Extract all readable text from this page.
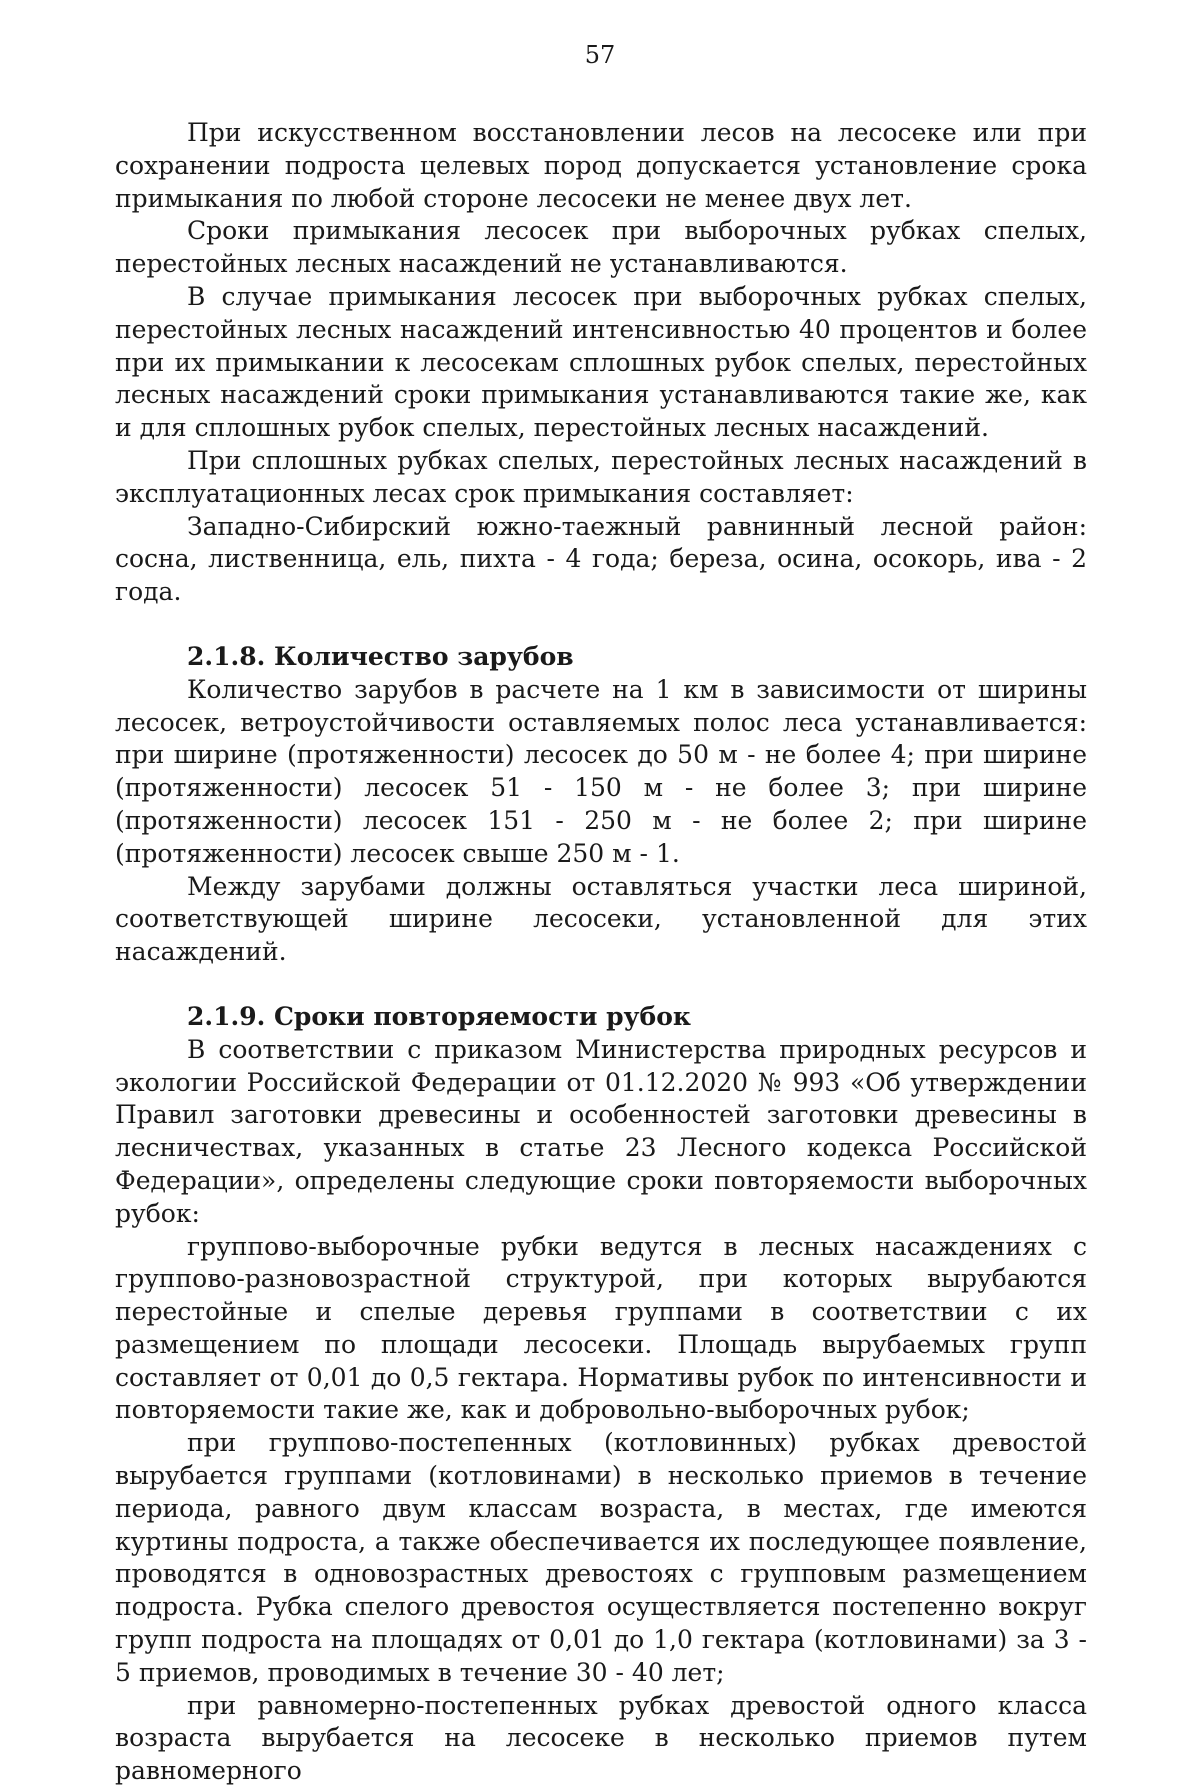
57

При искусственном восстановлении лесов на лесосеке или при сохранении подроста целевых пород допускается установление срока примыкания по любой стороне лесосеки не менее двух лет.

Сроки примыкания лесосек при выборочных рубках спелых, перестойных лесных насаждений не устанавливаются.

В случае примыкания лесосек при выборочных рубках спелых, перестойных лесных насаждений интенсивностью 40 процентов и более при их примыкании к лесосекам сплошных рубок спелых, перестойных лесных насаждений сроки примыкания устанавливаются такие же, как и для сплошных рубок спелых, перестойных лесных насаждений.

При сплошных рубках спелых, перестойных лесных насаждений в эксплуатационных лесах срок примыкания составляет:

Западно-Сибирский южно-таежный равнинный лесной район: сосна, лиственница, ель, пихта - 4 года; береза, осина, осокорь, ива - 2 года.

2.1.8. Количество зарубов

Количество зарубов в расчете на 1 км в зависимости от ширины лесосек, ветроустойчивости оставляемых полос леса устанавливается: при ширине (протяженности) лесосек до 50 м - не более 4; при ширине (протяженности) лесосек 51 - 150 м - не более 3; при ширине (протяженности) лесосек 151 - 250 м - не более 2; при ширине (протяженности) лесосек свыше 250 м - 1.

Между зарубами должны оставляться участки леса шириной, соответствующей ширине лесосеки, установленной для этих насаждений.

2.1.9. Сроки повторяемости рубок

В соответствии с приказом Министерства природных ресурсов и экологии Российской Федерации от 01.12.2020 № 993 «Об утверждении Правил заготовки древесины и особенностей заготовки древесины в лесничествах, указанных в статье 23 Лесного кодекса Российской Федерации», определены следующие сроки повторяемости выборочных рубок:

группово-выборочные рубки ведутся в лесных насаждениях с группово-разновозрастной структурой, при которых вырубаются перестойные и спелые деревья группами в соответствии с их размещением по площади лесосеки. Площадь вырубаемых групп составляет от 0,01 до 0,5 гектара. Нормативы рубок по интенсивности и повторяемости такие же, как и добровольно-выборочных рубок;

при группово-постепенных (котловинных) рубках древостой вырубается группами (котловинами) в несколько приемов в течение периода, равного двум классам возраста, в местах, где имеются куртины подроста, а также обеспечивается их последующее появление, проводятся в одновозрастных древостоях с групповым размещением подроста. Рубка спелого древостоя осуществляется постепенно вокруг групп подроста на площадях от 0,01 до 1,0 гектара (котловинами) за 3 - 5 приемов, проводимых в течение 30 - 40 лет;

при равномерно-постепенных рубках древостой одного класса возраста вырубается на лесосеке в несколько приемов путем равномерного
